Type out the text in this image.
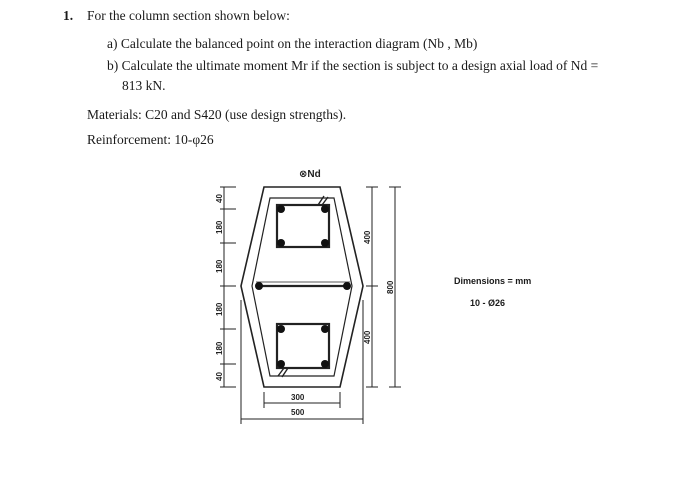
1. For the column section shown below:
a) Calculate the balanced point on the interaction diagram (Nb , Mb)
b) Calculate the ultimate moment Mr if the section is subject to a design axial load of Nd =
813 kN.
Materials: C20 and S420 (use design strengths).
Reinforcement: 10-φ26
Dimensions = mm
10 - Ø26
⊗Nd
40
180
180
180
180
40
400
400
800
300
500
